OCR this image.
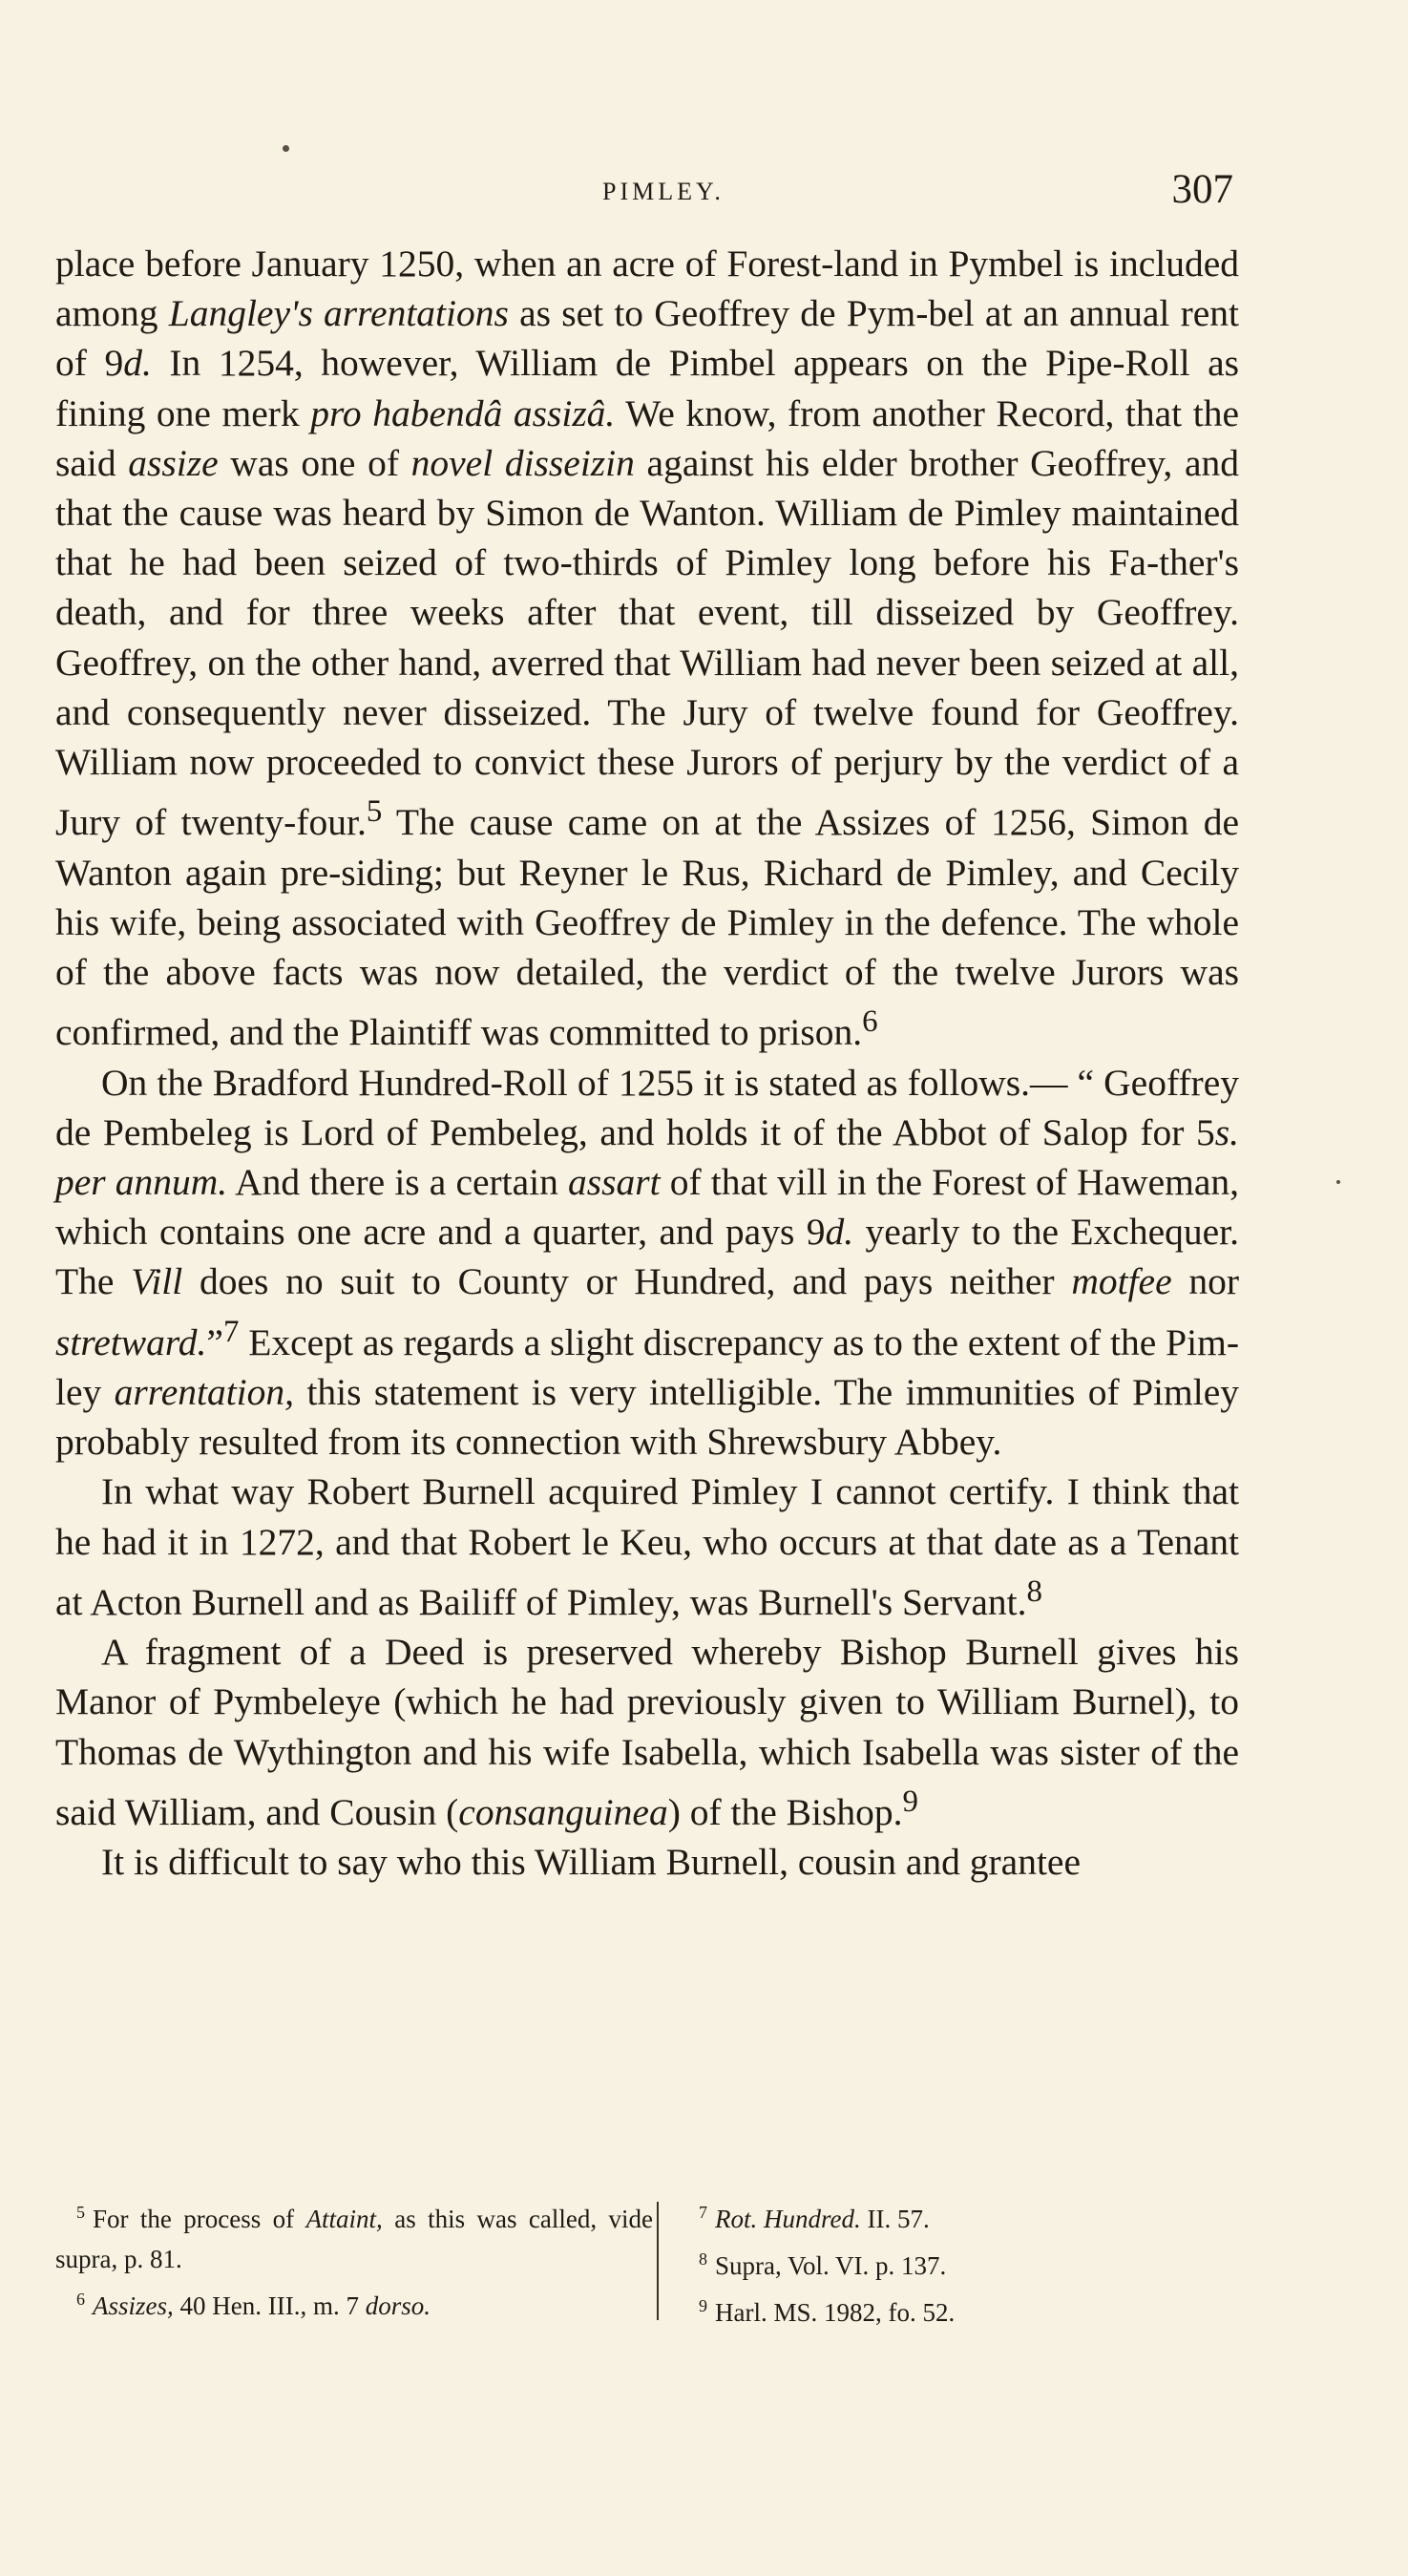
PIMLEY.	307

place before January 1250, when an acre of Forest-land in Pymbel is included among Langley's arrentations as set to Geoffrey de Pym-bel at an annual rent of 9d. In 1254, however, William de Pimbel appears on the Pipe-Roll as fining one merk pro habendâ assizâ. We know, from another Record, that the said assize was one of novel disseizin against his elder brother Geoffrey, and that the cause was heard by Simon de Wanton. William de Pimley maintained that he had been seized of two-thirds of Pimley long before his Fa-ther's death, and for three weeks after that event, till disseized by Geoffrey. Geoffrey, on the other hand, averred that William had never been seized at all, and consequently never disseized. The Jury of twelve found for Geoffrey. William now proceeded to convict these Jurors of perjury by the verdict of a Jury of twenty-four.$^5$ The cause came on at the Assizes of 1256, Simon de Wanton again pre-siding; but Reyner le Rus, Richard de Pimley, and Cecily his wife, being associated with Geoffrey de Pimley in the defence. The whole of the above facts was now detailed, the verdict of the twelve Jurors was confirmed, and the Plaintiff was committed to prison.$^6$

On the Bradford Hundred-Roll of 1255 it is stated as follows.— “ Geoffrey de Pembeleg is Lord of Pembeleg, and holds it of the Abbot of Salop for 5s. per annum. And there is a certain assart of that vill in the Forest of Haweman, which contains one acre and a quarter, and pays 9d. yearly to the Exchequer. The Vill does no suit to County or Hundred, and pays neither motfee nor stretward.”$^7$ Except as regards a slight discrepancy as to the extent of the Pim-ley arrentation, this statement is very intelligible. The immunities of Pimley probably resulted from its connection with Shrewsbury Abbey.

In what way Robert Burnell acquired Pimley I cannot certify. I think that he had it in 1272, and that Robert le Keu, who occurs at that date as a Tenant at Acton Burnell and as Bailiff of Pimley, was Burnell's Servant.$^8$

A fragment of a Deed is preserved whereby Bishop Burnell gives his Manor of Pymbeleye (which he had previously given to William Burnel), to Thomas de Wythington and his wife Isabella, which Isabella was sister of the said William, and Cousin (consanguinea) of the Bishop.$^9$

It is difficult to say who this William Burnell, cousin and grantee

$^5$ For the process of Attaint, as this was called, vide supra, p. 81.

$^6$ Assizes, 40 Hen. III., m. 7 dorso.

$^7$ Rot. Hundred. II. 57.

$^8$ Supra, Vol. VI. p. 137.

$^9$ Harl. MS. 1982, fo. 52.
